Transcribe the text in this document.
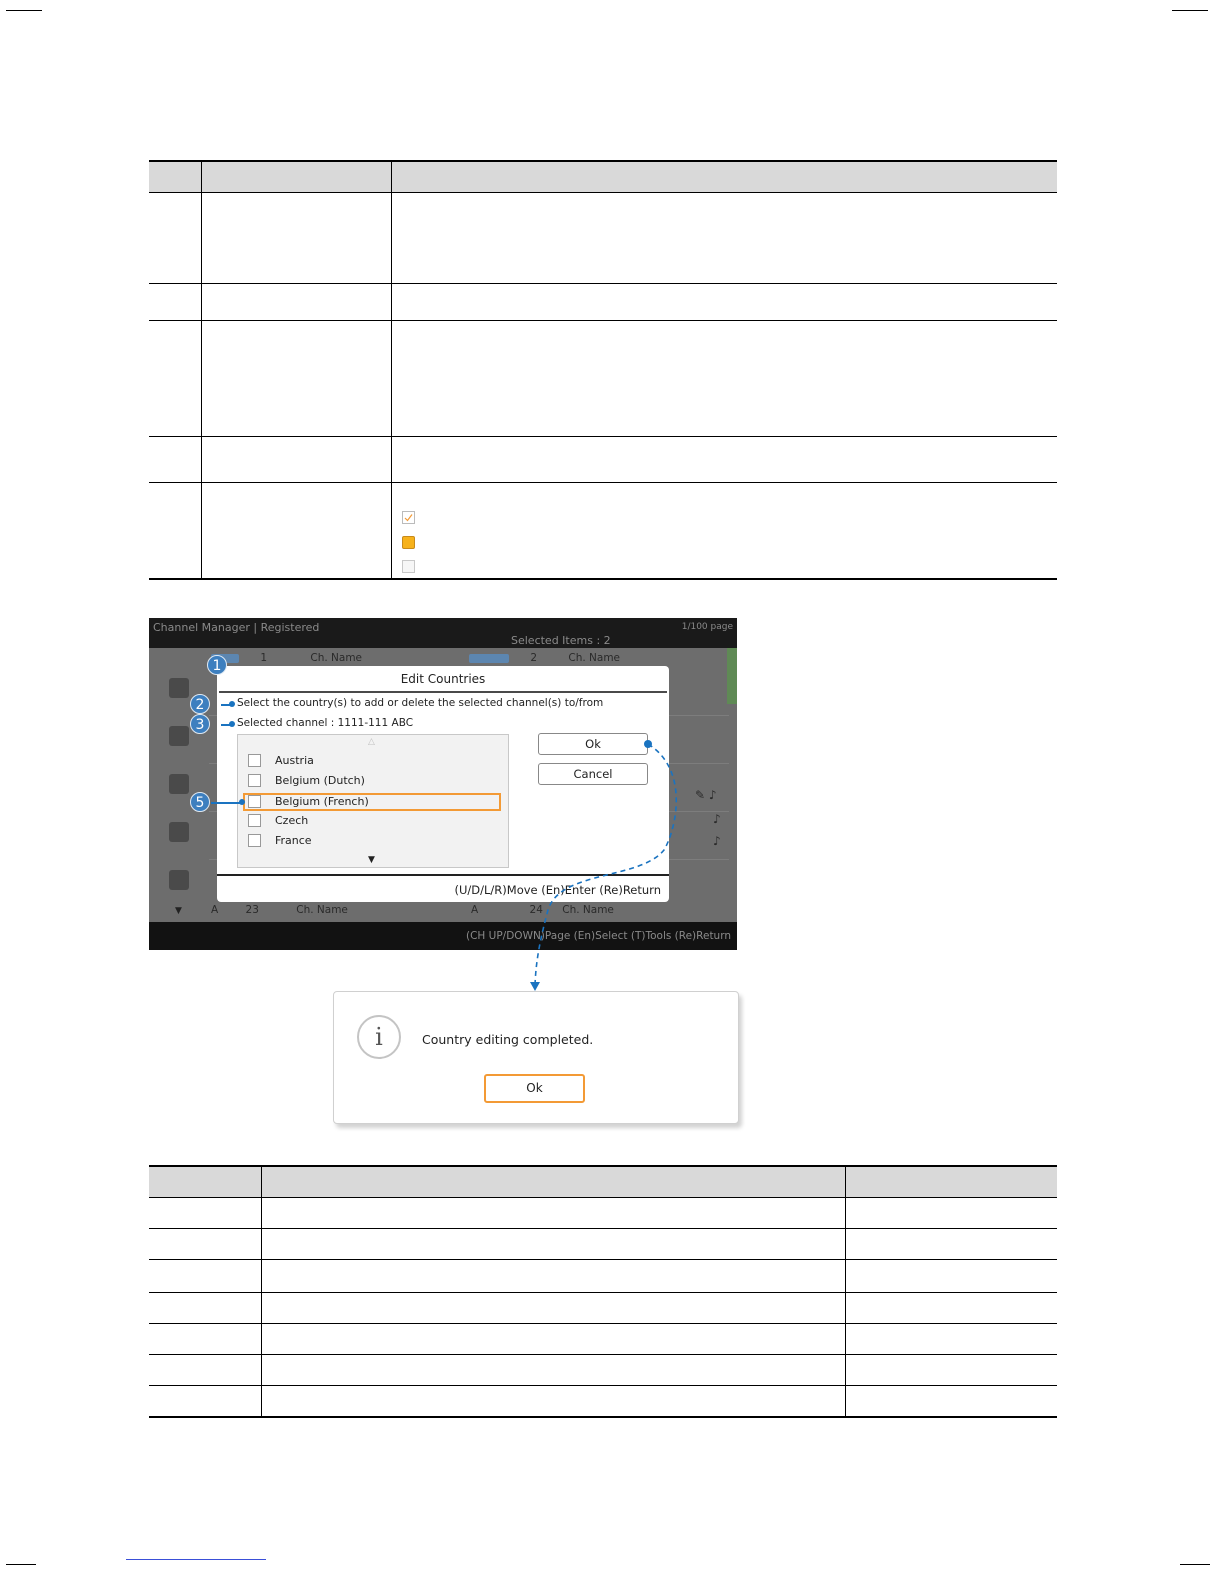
Channel Manager | Registered
Selected Items : 2
1/100 page
1	Ch. Name	2	Ch. Name
✎ ♪
♪
♪
▼	A	23	Ch. Name	A	24 Ch. Name
(CH UP/DOWN)Page (En)Select (T)Tools (Re)Return
Edit Countries
Select the country(s) to add or delete the selected channel(s) to/from
Selected channel : 1111-111 ABC
△
Austria
Belgium (Dutch)
Belgium (French)
Czech
France
▼
Ok
Cancel
(U/D/L/R)Move (En)Enter (Re)Return
1
2
3
5
i	Country editing completed.
Ok
